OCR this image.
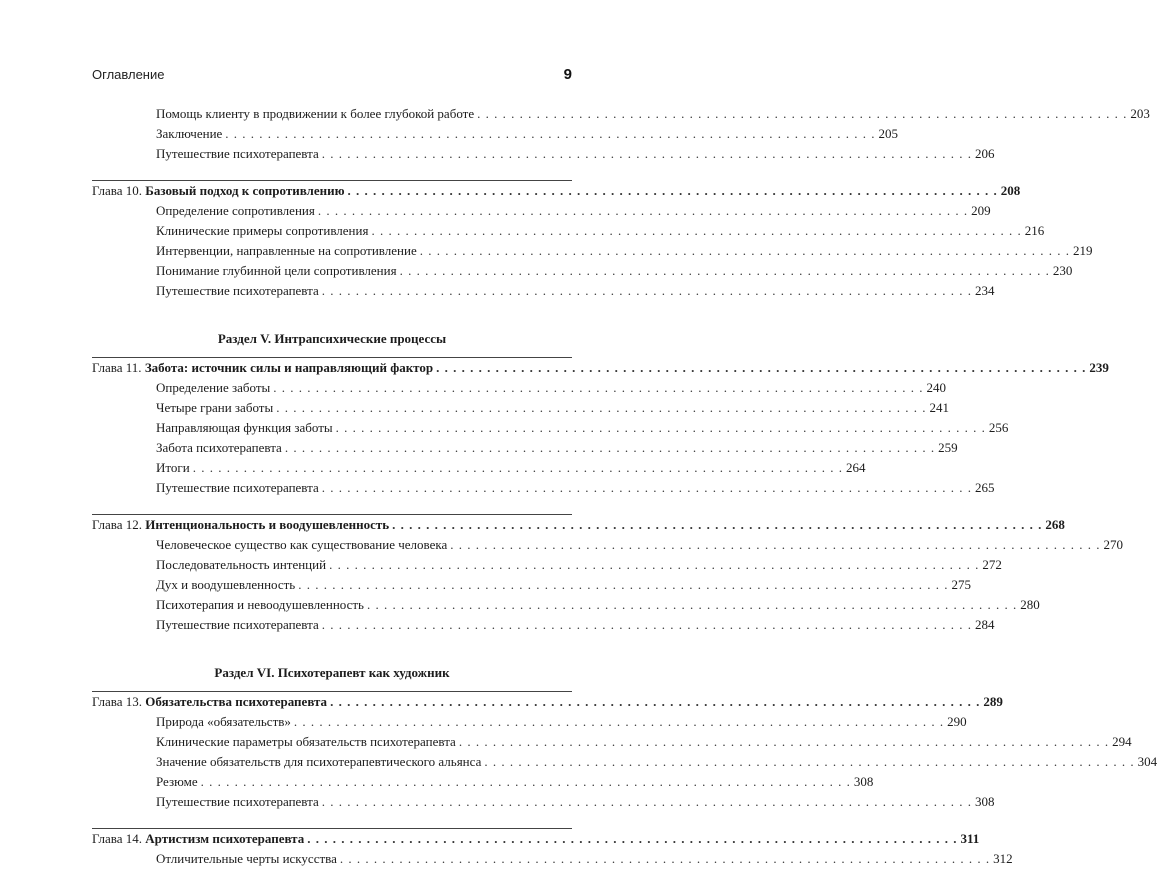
Оглавление	9
Помощь клиенту в продвижении к более глубокой работе . . . . . . . . . . . . . . . . . . . . . . . . . . . . . . . . . . . . . . . . . . . . . . . . . . . . . . . . . . . . . . . . . . . . . . . . . . . . . 203
Заключение . . . . . . . . . . . . . . . . . . . . . . . . . . . . . . . . . . . . . . . . . . . . . . . . . . . . . . . . . . . . . . . . . . . . . . . . . . . . . 205
Путешествие психотерапевта . . . . . . . . . . . . . . . . . . . . . . . . . . . . . . . . . . . . . . . . . . . . . . . . . . . . . . . . . . . . . . . . . . . . . . . . . . . . . 206
Глава 10.
Базовый подход к сопротивлению . . . . . . . . . . . . . . . . . . . . . . . . . . . . . . . . . . . . . . . . . . . . . . . . . . . . . . . . . . . . . . . . . . . . . . . . . . . . . 208
Определение сопротивления . . . . . . . . . . . . . . . . . . . . . . . . . . . . . . . . . . . . . . . . . . . . . . . . . . . . . . . . . . . . . . . . . . . . . . . . . . . . . 209
Клинические примеры сопротивления . . . . . . . . . . . . . . . . . . . . . . . . . . . . . . . . . . . . . . . . . . . . . . . . . . . . . . . . . . . . . . . . . . . . . . . . . . . . . 216
Интервенции, направленные на сопротивление . . . . . . . . . . . . . . . . . . . . . . . . . . . . . . . . . . . . . . . . . . . . . . . . . . . . . . . . . . . . . . . . . . . . . . . . . . . . . 219
Понимание глубинной цели сопротивления . . . . . . . . . . . . . . . . . . . . . . . . . . . . . . . . . . . . . . . . . . . . . . . . . . . . . . . . . . . . . . . . . . . . . . . . . . . . . 230
Путешествие психотерапевта . . . . . . . . . . . . . . . . . . . . . . . . . . . . . . . . . . . . . . . . . . . . . . . . . . . . . . . . . . . . . . . . . . . . . . . . . . . . . 234
Раздел V. Интрапсихические процессы
Глава 11.
Забота: источник силы и направляющий фактор . . . . . . . . . . . . . . . . . . . . . . . . . . . . . . . . . . . . . . . . . . . . . . . . . . . . . . . . . . . . . . . . . . . . . . . . . . . . . 239
Определение заботы . . . . . . . . . . . . . . . . . . . . . . . . . . . . . . . . . . . . . . . . . . . . . . . . . . . . . . . . . . . . . . . . . . . . . . . . . . . . . 240
Четыре грани заботы . . . . . . . . . . . . . . . . . . . . . . . . . . . . . . . . . . . . . . . . . . . . . . . . . . . . . . . . . . . . . . . . . . . . . . . . . . . . . 241
Направляющая функция заботы . . . . . . . . . . . . . . . . . . . . . . . . . . . . . . . . . . . . . . . . . . . . . . . . . . . . . . . . . . . . . . . . . . . . . . . . . . . . . 256
Забота психотерапевта . . . . . . . . . . . . . . . . . . . . . . . . . . . . . . . . . . . . . . . . . . . . . . . . . . . . . . . . . . . . . . . . . . . . . . . . . . . . . 259
Итоги . . . . . . . . . . . . . . . . . . . . . . . . . . . . . . . . . . . . . . . . . . . . . . . . . . . . . . . . . . . . . . . . . . . . . . . . . . . . . 264
Путешествие психотерапевта . . . . . . . . . . . . . . . . . . . . . . . . . . . . . . . . . . . . . . . . . . . . . . . . . . . . . . . . . . . . . . . . . . . . . . . . . . . . . 265
Глава 12.
Интенциональность и воодушевленность . . . . . . . . . . . . . . . . . . . . . . . . . . . . . . . . . . . . . . . . . . . . . . . . . . . . . . . . . . . . . . . . . . . . . . . . . . . . . 268
Человеческое существо как существование человека . . . . . . . . . . . . . . . . . . . . . . . . . . . . . . . . . . . . . . . . . . . . . . . . . . . . . . . . . . . . . . . . . . . . . . . . . . . . . 270
Последовательность интенций . . . . . . . . . . . . . . . . . . . . . . . . . . . . . . . . . . . . . . . . . . . . . . . . . . . . . . . . . . . . . . . . . . . . . . . . . . . . . 272
Дух и воодушевленность . . . . . . . . . . . . . . . . . . . . . . . . . . . . . . . . . . . . . . . . . . . . . . . . . . . . . . . . . . . . . . . . . . . . . . . . . . . . . 275
Психотерапия и невоодушевленность . . . . . . . . . . . . . . . . . . . . . . . . . . . . . . . . . . . . . . . . . . . . . . . . . . . . . . . . . . . . . . . . . . . . . . . . . . . . . 280
Путешествие психотерапевта . . . . . . . . . . . . . . . . . . . . . . . . . . . . . . . . . . . . . . . . . . . . . . . . . . . . . . . . . . . . . . . . . . . . . . . . . . . . . 284
Раздел VI. Психотерапевт как художник
Глава 13.
Обязательства психотерапевта . . . . . . . . . . . . . . . . . . . . . . . . . . . . . . . . . . . . . . . . . . . . . . . . . . . . . . . . . . . . . . . . . . . . . . . . . . . . . 289
Природа «обязательств» . . . . . . . . . . . . . . . . . . . . . . . . . . . . . . . . . . . . . . . . . . . . . . . . . . . . . . . . . . . . . . . . . . . . . . . . . . . . . 290
Клинические параметры обязательств психотерапевта . . . . . . . . . . . . . . . . . . . . . . . . . . . . . . . . . . . . . . . . . . . . . . . . . . . . . . . . . . . . . . . . . . . . . . . . . . . . . 294
Значение обязательств для психотерапевтического альянса . . . . . . . . . . . . . . . . . . . . . . . . . . . . . . . . . . . . . . . . . . . . . . . . . . . . . . . . . . . . . . . . . . . . . . . . . . . . . 304
Резюме . . . . . . . . . . . . . . . . . . . . . . . . . . . . . . . . . . . . . . . . . . . . . . . . . . . . . . . . . . . . . . . . . . . . . . . . . . . . . 308
Путешествие психотерапевта . . . . . . . . . . . . . . . . . . . . . . . . . . . . . . . . . . . . . . . . . . . . . . . . . . . . . . . . . . . . . . . . . . . . . . . . . . . . . 308
Глава 14.
Артистизм психотерапевта . . . . . . . . . . . . . . . . . . . . . . . . . . . . . . . . . . . . . . . . . . . . . . . . . . . . . . . . . . . . . . . . . . . . . . . . . . . . . 311
Отличительные черты искусства . . . . . . . . . . . . . . . . . . . . . . . . . . . . . . . . . . . . . . . . . . . . . . . . . . . . . . . . . . . . . . . . . . . . . . . . . . . . . 312
